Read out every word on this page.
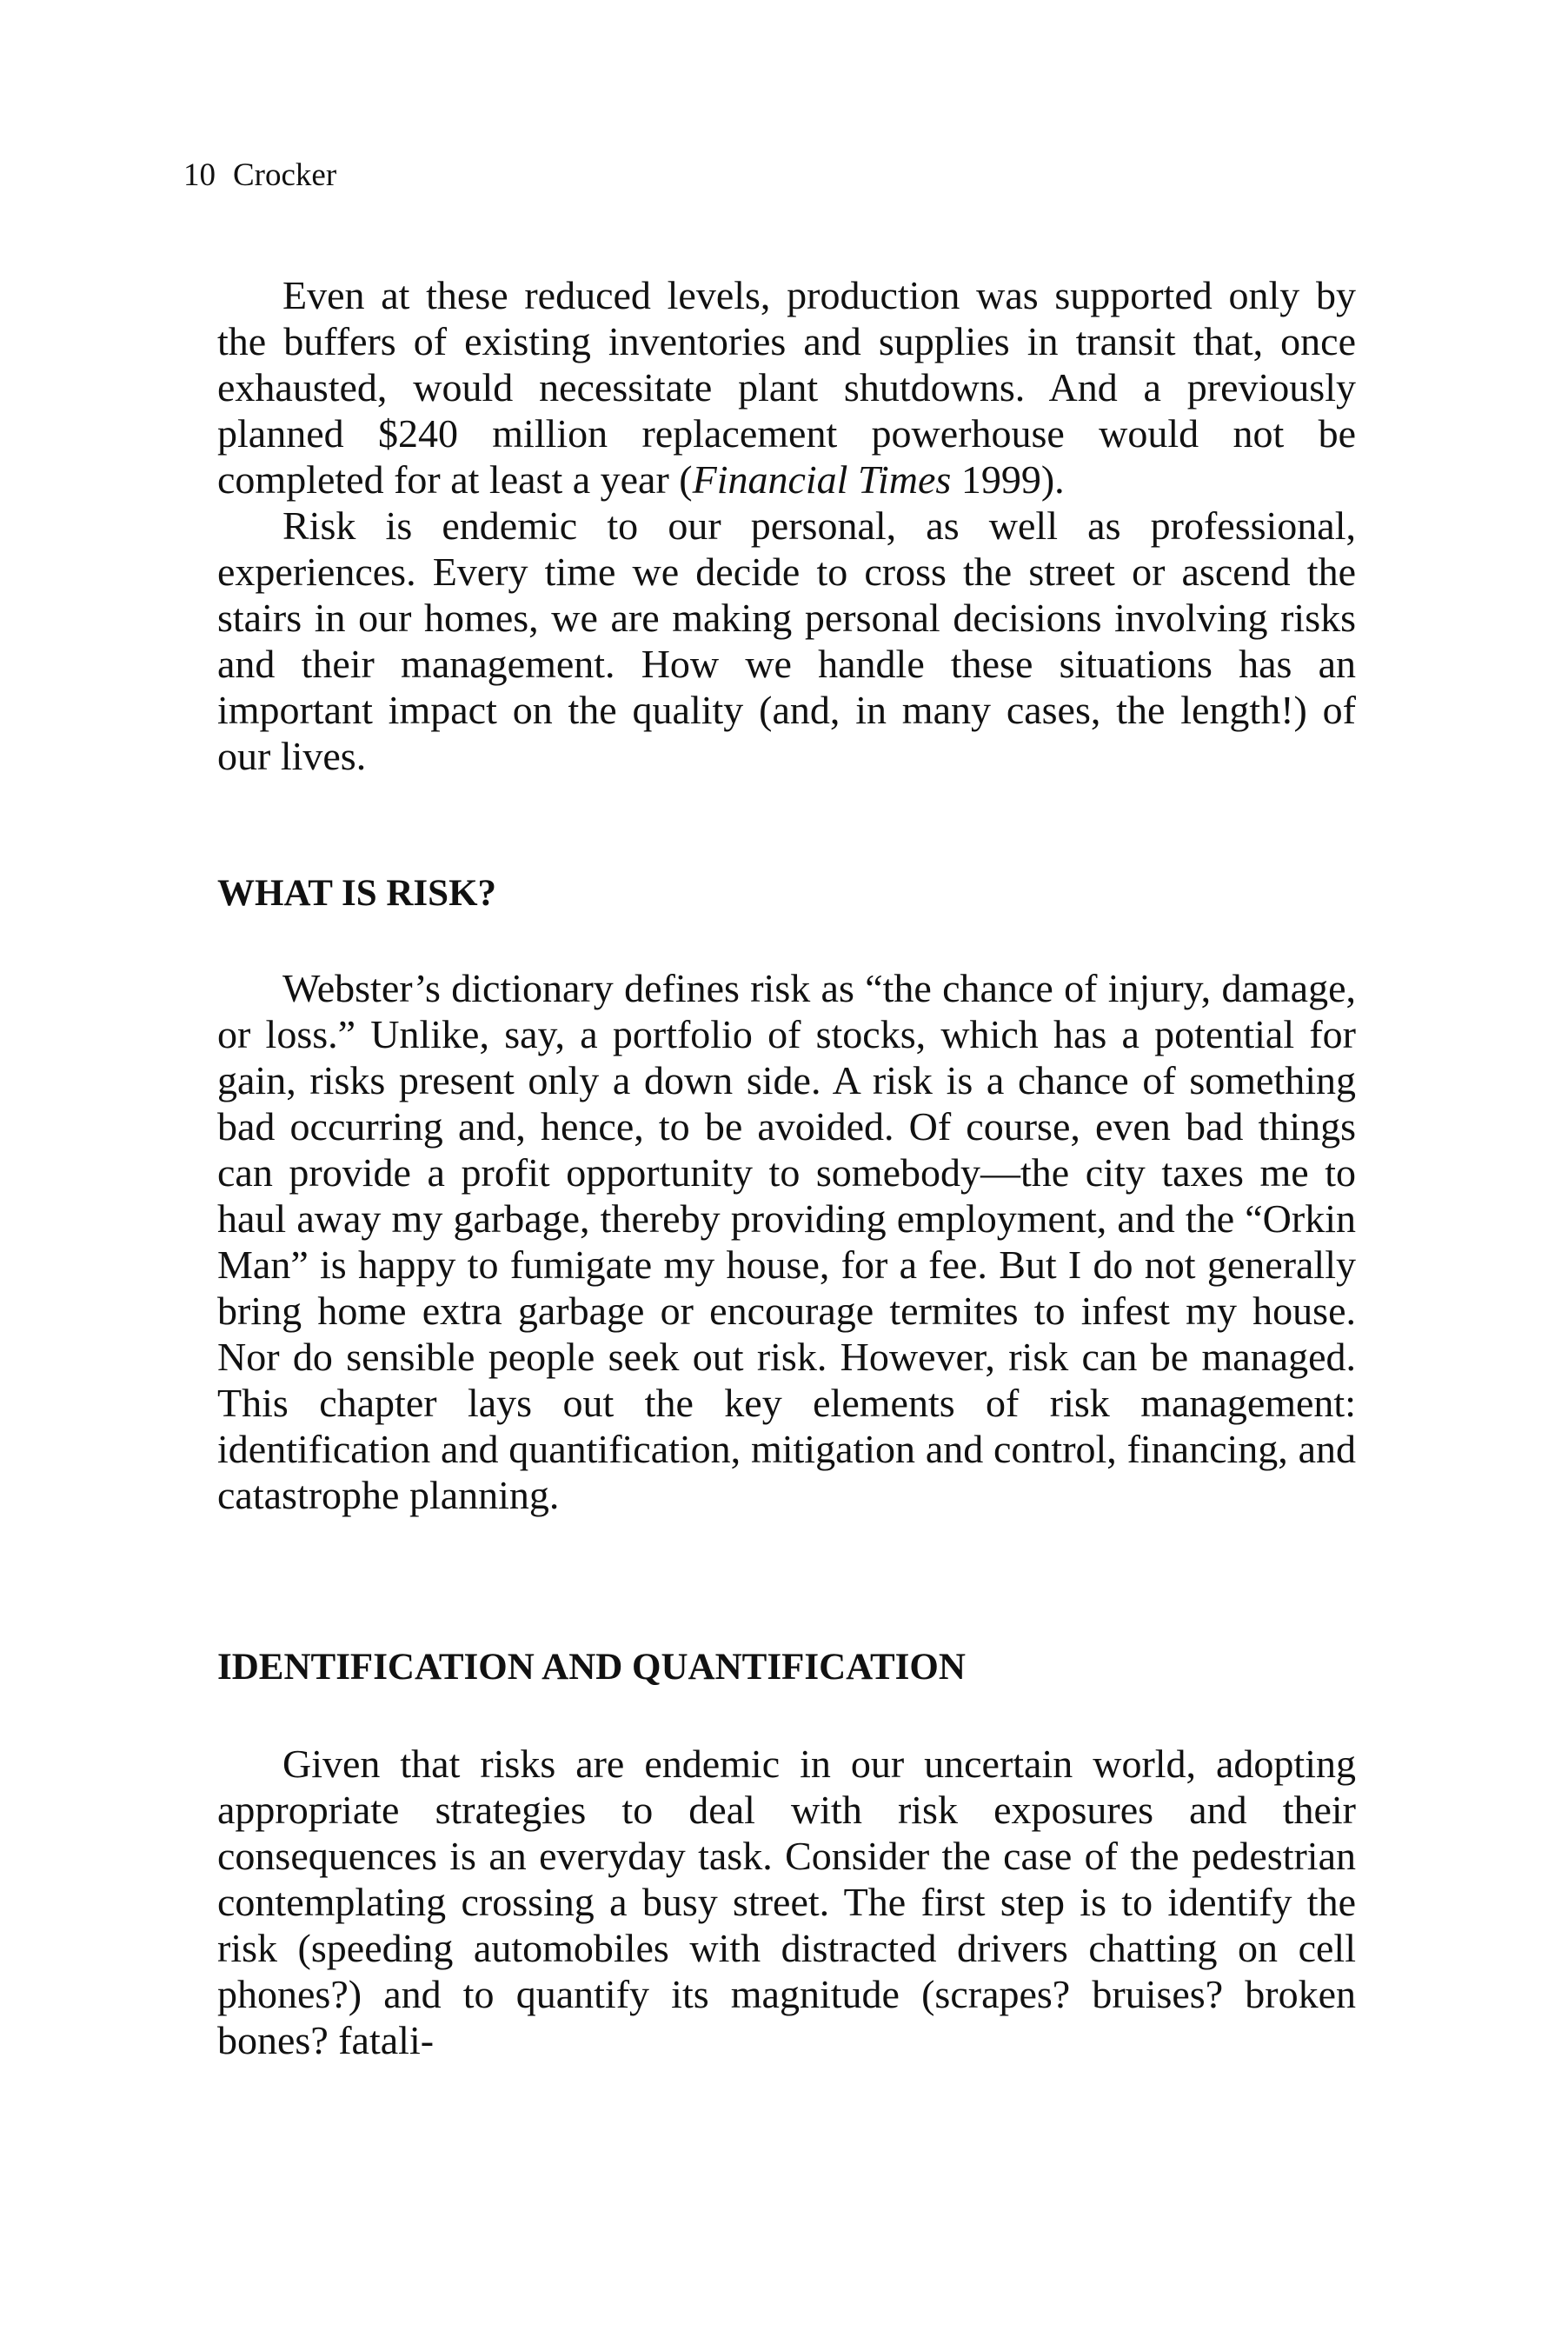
10 Crocker

Even at these reduced levels, production was supported only by the buffers of existing inventories and supplies in transit that, once exhausted, would necessitate plant shutdowns. And a previously planned $240 million replacement powerhouse would not be completed for at least a year (Financial Times 1999).

Risk is endemic to our personal, as well as professional, experiences. Every time we decide to cross the street or ascend the stairs in our homes, we are making personal decisions involving risks and their management. How we handle these situations has an important impact on the quality (and, in many cases, the length!) of our lives.

WHAT IS RISK?

Webster’s dictionary defines risk as “the chance of injury, damage, or loss.” Unlike, say, a portfolio of stocks, which has a potential for gain, risks present only a down side. A risk is a chance of something bad occurring and, hence, to be avoided. Of course, even bad things can provide a profit opportunity to somebody—the city taxes me to haul away my garbage, thereby providing employment, and the “Orkin Man” is happy to fumigate my house, for a fee. But I do not generally bring home extra garbage or encourage termites to infest my house. Nor do sensible people seek out risk. However, risk can be managed. This chapter lays out the key elements of risk management: identification and quantification, mitigation and control, financing, and catastrophe planning.

IDENTIFICATION AND QUANTIFICATION

Given that risks are endemic in our uncertain world, adopting appropriate strategies to deal with risk exposures and their consequences is an everyday task. Consider the case of the pedestrian contemplating crossing a busy street. The first step is to identify the risk (speeding automobiles with distracted drivers chatting on cell phones?) and to quantify its magnitude (scrapes? bruises? broken bones? fatali-
